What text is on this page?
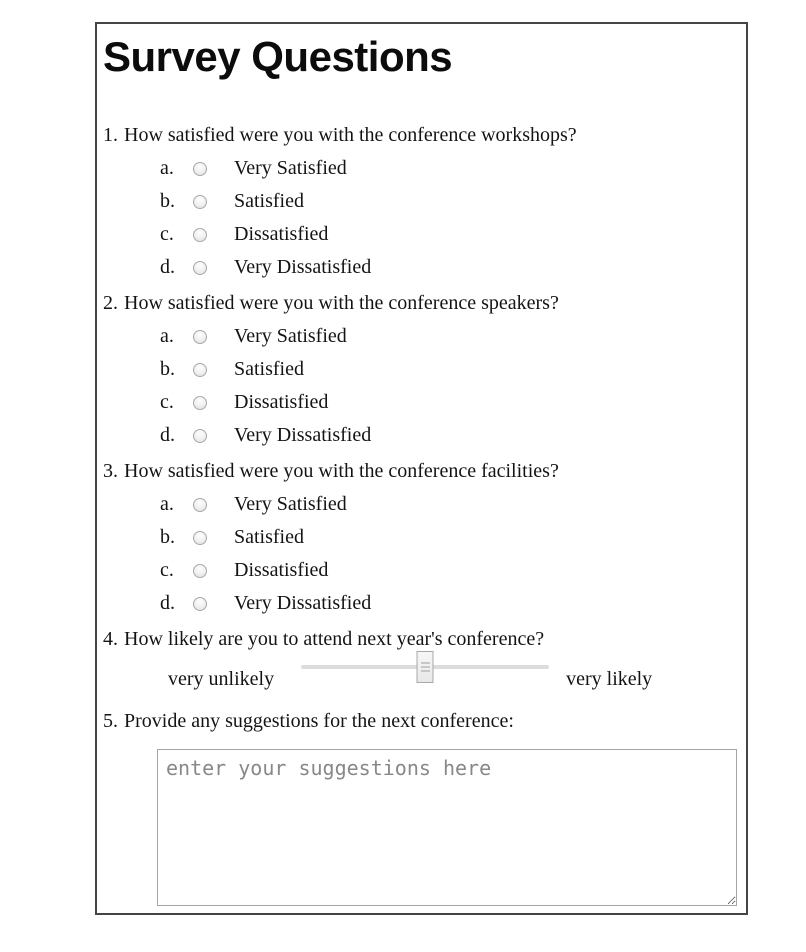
Survey Questions
1. How satisfied were you with the conference workshops?
a.	Very Satisfied
b.	Satisfied
c.	Dissatisfied
d.	Very Dissatisfied
2. How satisfied were you with the conference speakers?
a.	Very Satisfied
b.	Satisfied
c.	Dissatisfied
d.	Very Dissatisfied
3. How satisfied were you with the conference facilities?
a.	Very Satisfied
b.	Satisfied
c.	Dissatisfied
d.	Very Dissatisfied
4. How likely are you to attend next year's conference?
very unlikely	very likely
5. Provide any suggestions for the next conference:
enter your suggestions here
